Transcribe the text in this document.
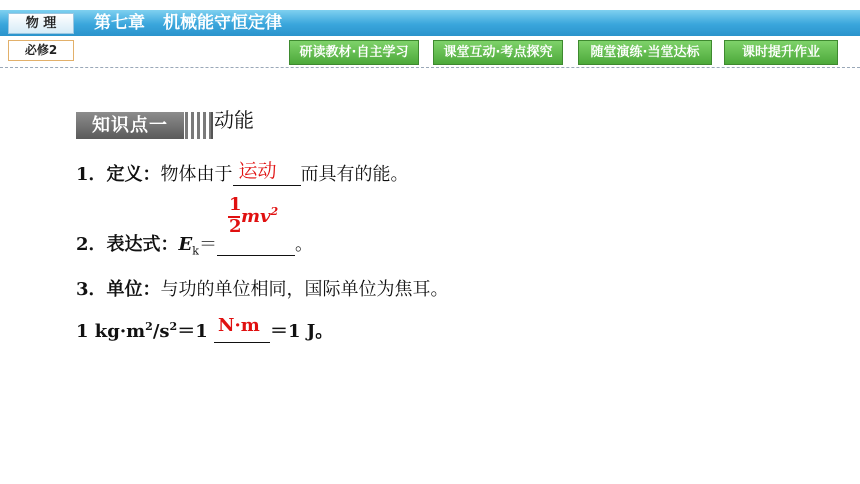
物 理	第七章 机械能守恒定律
必修2	研读教材·自主学习	课堂互动·考点探究	随堂演练·当堂达标	课时提升作业
知识点一	动能
1．定义：物体由于 运动 而具有的能。
2．表达式：$E_k=$
1
2 $mv^2$
。
3．单位：与功的单位相同，国际单位为焦耳。
1 $kg\cdot m^2/s^2=1$ N·m ＝1 J。
